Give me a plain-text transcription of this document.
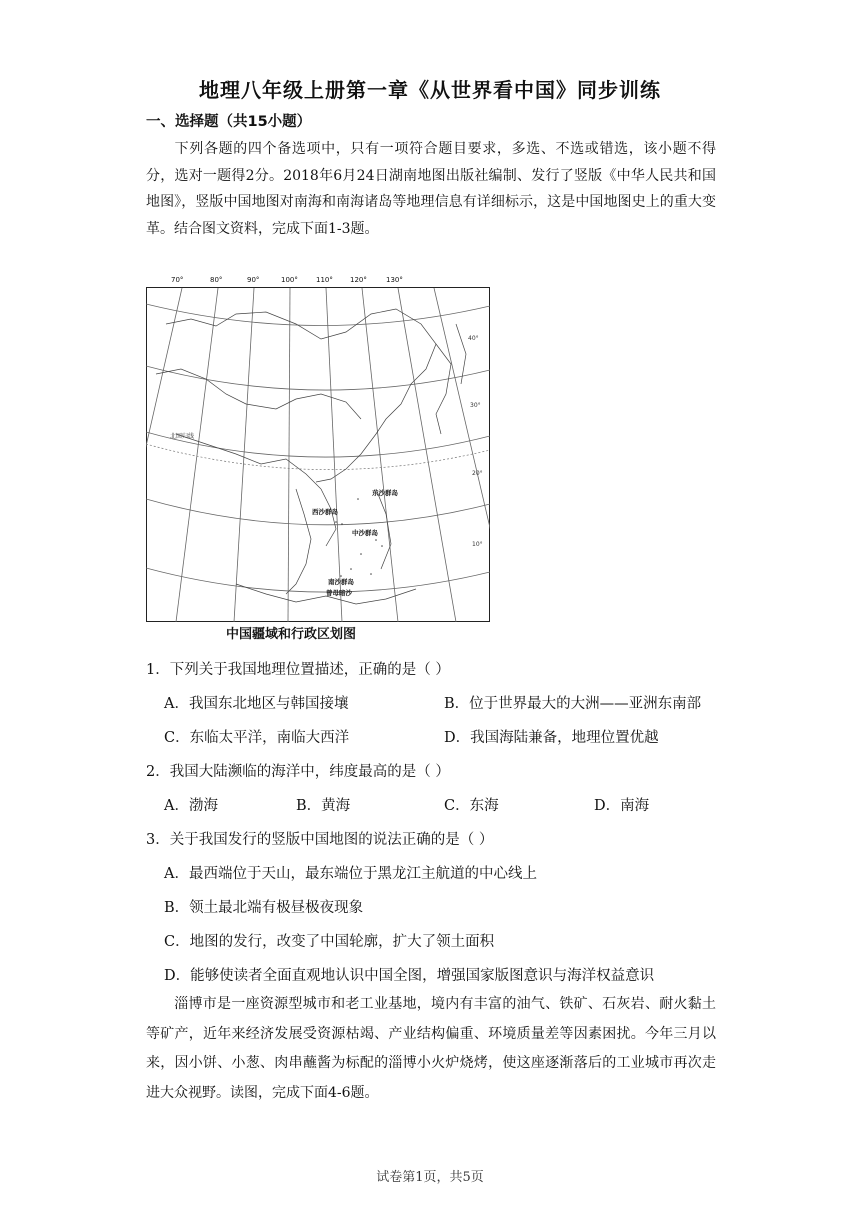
地理八年级上册第一章《从世界看中国》同步训练
一、选择题（共15小题）
下列各题的四个备选项中，只有一项符合题目要求，多选、不选或错选，该小题不得分，选对一题得2分。2018年6月24日湖南地图出版社编制、发行了竖版《中华人民共和国地图》，竖版中国地图对南海和南海诸岛等地理信息有详细标示，这是中国地图史上的重大变革。结合图文资料，完成下面1-3题。
40°
30°
20°
10°
北回归线
东沙群岛
西沙群岛
中沙群岛
南沙群岛
曾母暗沙
70°	80°	90°	100°	110° 120°	130°
中国疆域和行政区划图
1．下列关于我国地理位置描述，正确的是（ ）
A．我国东北地区与韩国接壤	B．位于世界最大的大洲——亚洲东南部
C．东临太平洋，南临大西洋	D．我国海陆兼备，地理位置优越
2．我国大陆濒临的海洋中，纬度最高的是（ ）
A．渤海	B．黄海	C．东海	D．南海
3．关于我国发行的竖版中国地图的说法正确的是（ ）
A．最西端位于天山，最东端位于黑龙江主航道的中心线上
B．领土最北端有极昼极夜现象
C．地图的发行，改变了中国轮廓，扩大了领土面积
D．能够使读者全面直观地认识中国全图，增强国家版图意识与海洋权益意识
淄博市是一座资源型城市和老工业基地，境内有丰富的油气、铁矿、石灰岩、耐火黏土等矿产，近年来经济发展受资源枯竭、产业结构偏重、环境质量差等因素困扰。今年三月以来，因小饼、小葱、肉串蘸酱为标配的淄博小火炉烧烤，使这座逐渐落后的工业城市再次走进大众视野。读图，完成下面4-6题。
试卷第1页，共5页
